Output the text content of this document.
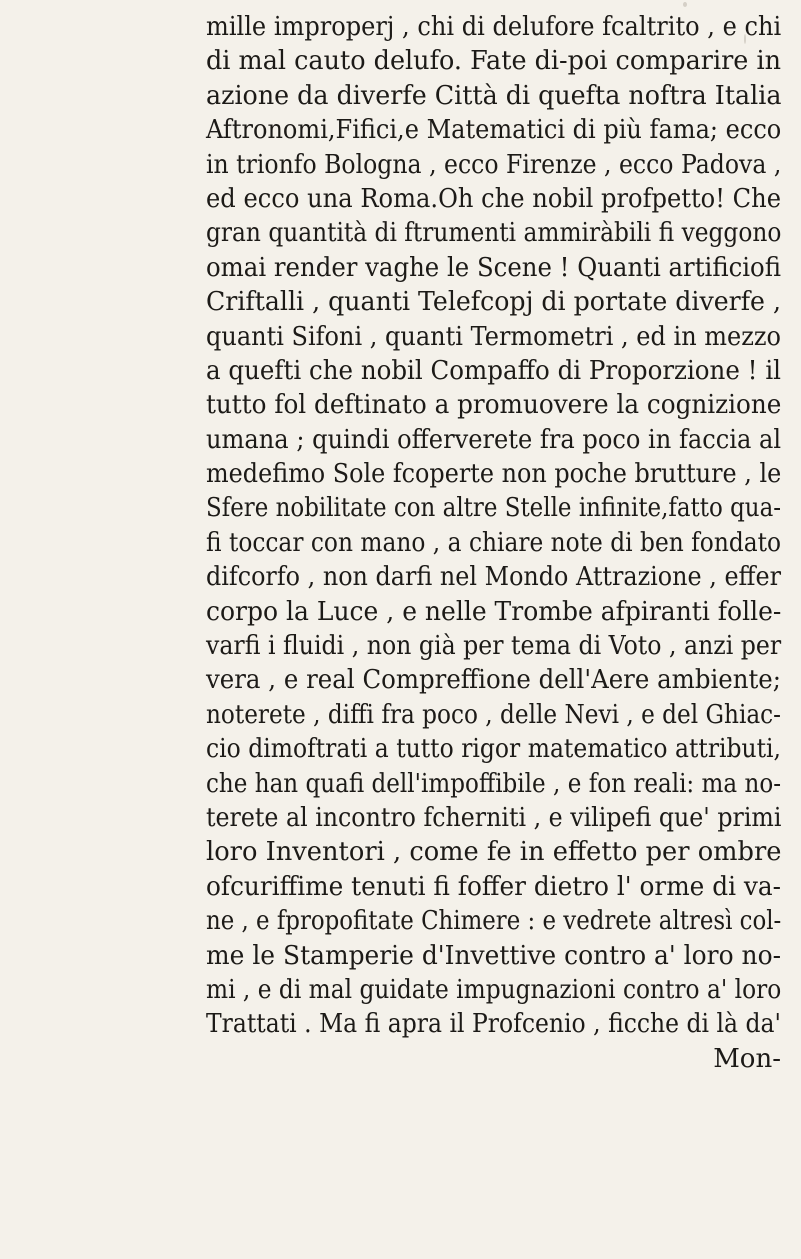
mille improperj , chi di delufore fcaltrito , e chi
di mal cauto delufo. Fate di-poi comparire in
azione da diverfe Città di quefta noftra Italia
Aftronomi,Fifici,e Matematici di più fama; ecco
in trionfo Bologna , ecco Firenze , ecco Padova ,
ed ecco una Roma.Oh che nobil profpetto! Che
gran quantità di ftrumenti ammiràbili fi veggono
omai render vaghe le Scene ! Quanti artificiofi
Criftalli , quanti Telefcopj di portate diverfe ,
quanti Sifoni , quanti Termometri , ed in mezzo
a quefti che nobil Compaffo di Proporzione ! il
tutto fol deftinato a promuovere la cognizione
umana ; quindi offerverete fra poco in faccia al
medefimo Sole fcoperte non poche brutture , le
Sfere nobilitate con altre Stelle infinite,fatto qua-
fi toccar con mano , a chiare note di ben fondato
difcorfo , non darfi nel Mondo Attrazione , effer
corpo la Luce , e nelle Trombe afpiranti folle-
varfi i fluidi , non già per tema di Voto , anzi per
vera , e real Compreffione dell'Aere ambiente;
noterete , diffi fra poco , delle Nevi , e del Ghiac-
cio dimoftrati a tutto rigor matematico attributi,
che han quafi dell'impoffibile , e fon reali: ma no-
terete al incontro fcherniti , e vilipefi que' primi
loro Inventori , come fe in effetto per ombre
ofcuriffime tenuti fi foffer dietro l' orme di va-
ne , e fpropofitate Chimere : e vedrete altresì col-
me le Stamperie d'Invettive contro a' loro no-
mi , e di mal guidate impugnazioni contro a' loro
Trattati . Ma fi apra il Profcenio , ficche di là da'
Mon-
